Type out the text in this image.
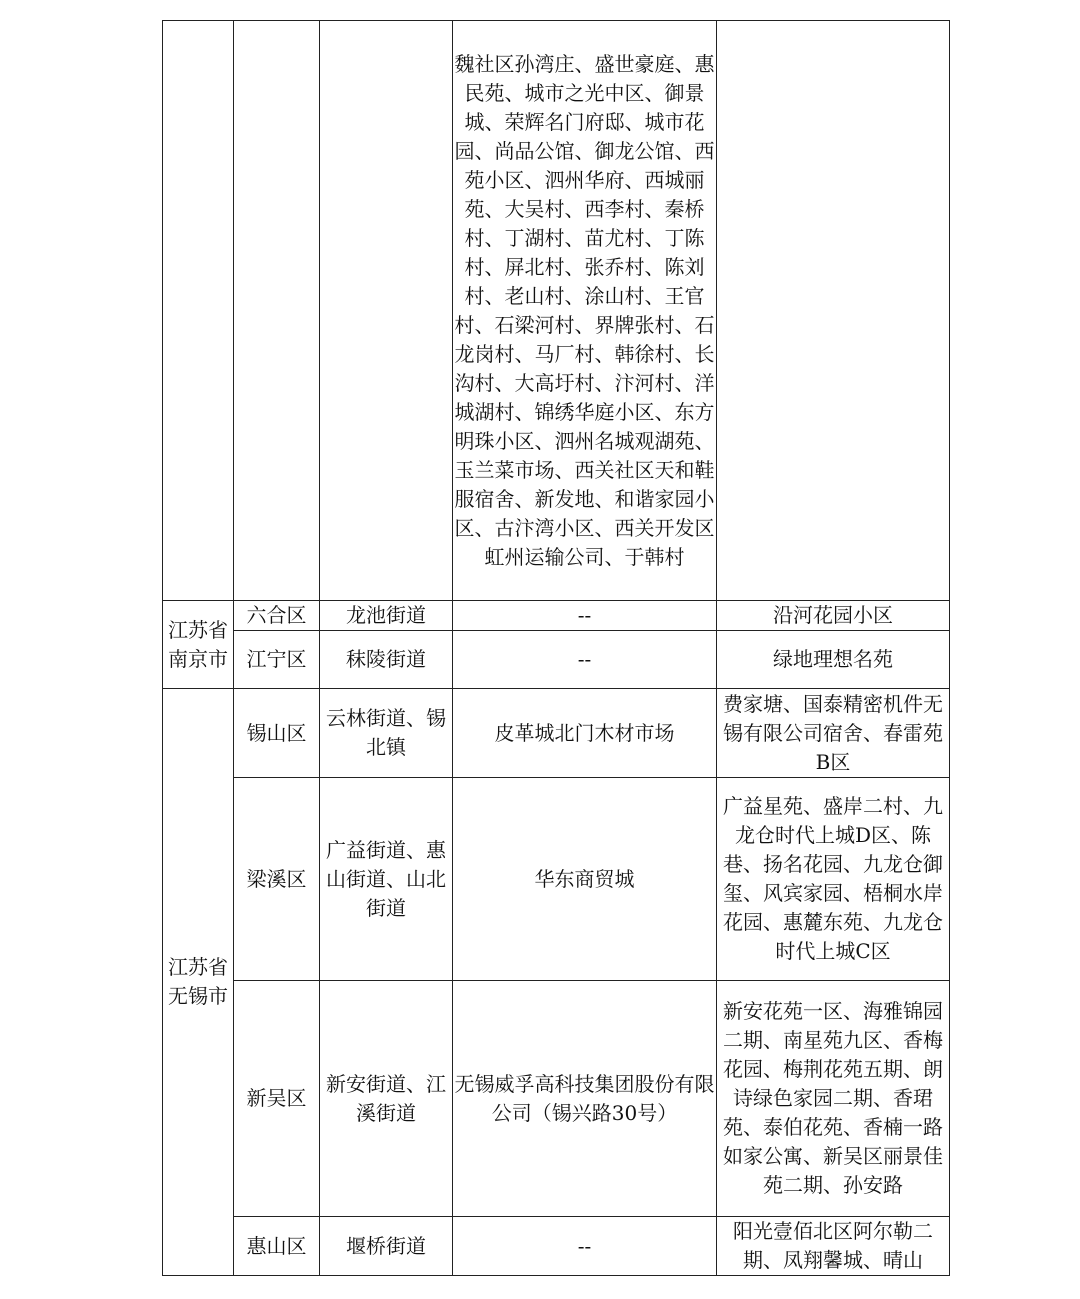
			魏社区孙湾庄、盛世豪庭、惠民苑、城市之光中区、御景城、荣辉名门府邸、城市花园、尚品公馆、御龙公馆、西苑小区、泗州华府、西城丽苑、大吴村、西李村、秦桥村、丁湖村、苗尤村、丁陈村、屏北村、张乔村、陈刘村、老山村、涂山村、王官村、石梁河村、界牌张村、石龙岗村、马厂村、韩徐村、长沟村、大高圩村、汴河村、洋城湖村、锦绣华庭小区、东方明珠小区、泗州名城观湖苑、玉兰菜市场、西关社区天和鞋服宿舍、新发地、和谐家园小区、古汴湾小区、西关开发区虹州运输公司、于韩村	
江苏省南京市	六合区	龙池街道	--	沿河花园小区
	江宁区	秣陵街道	--	绿地理想名苑
江苏省无锡市	锡山区	云林街道、锡北镇	皮革城北门木材市场	费家塘、国泰精密机件无锡有限公司宿舍、春雷苑B区
	梁溪区	广益街道、惠山街道、山北街道	华东商贸城	广益星苑、盛岸二村、九龙仓时代上城D区、陈巷、扬名花园、九龙仓御玺、风宾家园、梧桐水岸花园、惠麓东苑、九龙仓时代上城C区
	新吴区	新安街道、江溪街道	无锡威孚高科技集团股份有限公司（锡兴路30号）	新安花苑一区、海雅锦园二期、南星苑九区、香梅花园、梅荆花苑五期、朗诗绿色家园二期、香珺苑、泰伯花苑、香楠一路如家公寓、新吴区丽景佳苑二期、孙安路
	惠山区	堰桥街道	--	阳光壹佰北区阿尔勒二期、凤翔馨城、晴山
